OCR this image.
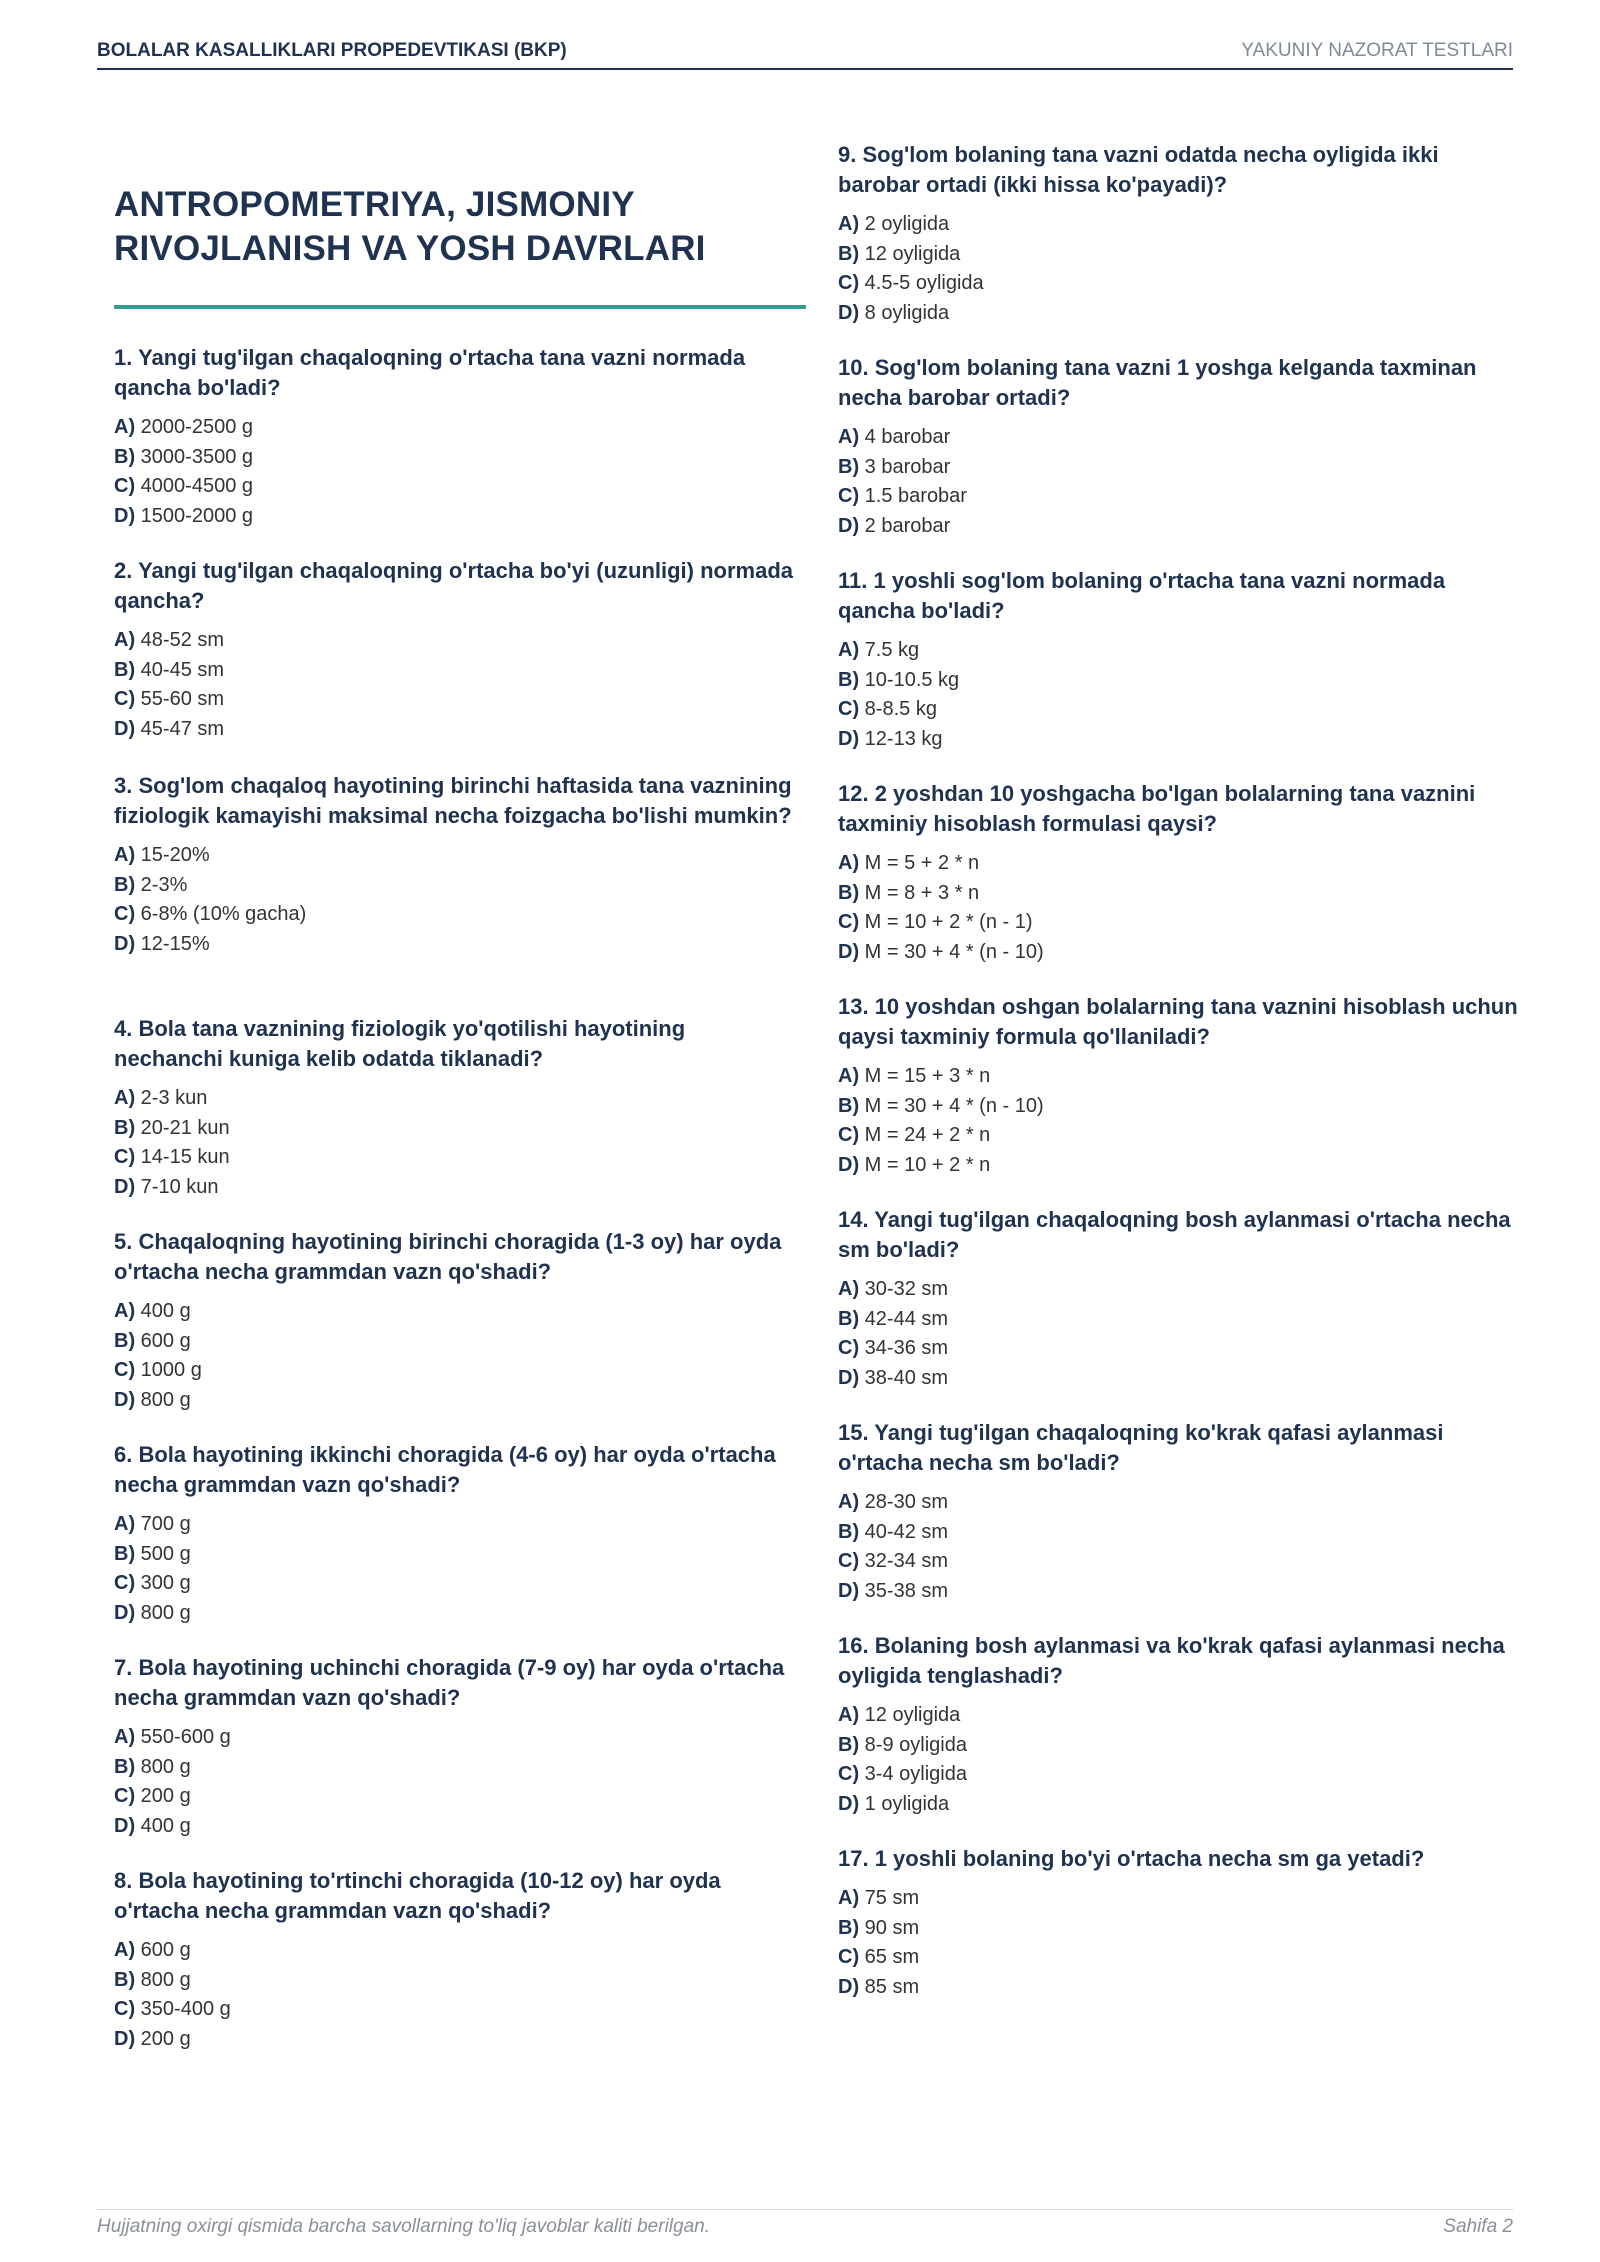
BOLALAR KASALLIKLARI PROPEDEVTIKASI (BKP)	YAKUNIY NAZORAT TESTLARI
ANTROPOMETRIYA, JISMONIY
RIVOJLANISH VA YOSH DAVRLARI
1. Yangi tug'ilgan chaqaloqning o'rtacha tana vazni normada qancha bo'ladi?
A) 2000-2500 g
B) 3000-3500 g
C) 4000-4500 g
D) 1500-2000 g
2. Yangi tug'ilgan chaqaloqning o'rtacha bo'yi (uzunligi) normada qancha?
A) 48-52 sm
B) 40-45 sm
C) 55-60 sm
D) 45-47 sm
3. Sog'lom chaqaloq hayotining birinchi haftasida tana vaznining fiziologik kamayishi maksimal necha foizgacha bo'lishi mumkin?
A) 15-20%
B) 2-3%
C) 6-8% (10% gacha)
D) 12-15%
4. Bola tana vaznining fiziologik yo'qotilishi hayotining nechanchi kuniga kelib odatda tiklanadi?
A) 2-3 kun
B) 20-21 kun
C) 14-15 kun
D) 7-10 kun
5. Chaqaloqning hayotining birinchi choragida (1-3 oy) har oyda o'rtacha necha grammdan vazn qo'shadi?
A) 400 g
B) 600 g
C) 1000 g
D) 800 g
6. Bola hayotining ikkinchi choragida (4-6 oy) har oyda o'rtacha necha grammdan vazn qo'shadi?
A) 700 g
B) 500 g
C) 300 g
D) 800 g
7. Bola hayotining uchinchi choragida (7-9 oy) har oyda o'rtacha necha grammdan vazn qo'shadi?
A) 550-600 g
B) 800 g
C) 200 g
D) 400 g
8. Bola hayotining to'rtinchi choragida (10-12 oy) har oyda o'rtacha necha grammdan vazn qo'shadi?
A) 600 g
B) 800 g
C) 350-400 g
D) 200 g
9. Sog'lom bolaning tana vazni odatda necha oyligida ikki barobar ortadi (ikki hissa ko'payadi)?
A) 2 oyligida
B) 12 oyligida
C) 4.5-5 oyligida
D) 8 oyligida
10. Sog'lom bolaning tana vazni 1 yoshga kelganda taxminan necha barobar ortadi?
A) 4 barobar
B) 3 barobar
C) 1.5 barobar
D) 2 barobar
11. 1 yoshli sog'lom bolaning o'rtacha tana vazni normada qancha bo'ladi?
A) 7.5 kg
B) 10-10.5 kg
C) 8-8.5 kg
D) 12-13 kg
12. 2 yoshdan 10 yoshgacha bo'lgan bolalarning tana vaznini taxminiy hisoblash formulasi qaysi?
A) M = 5 + 2 * n
B) M = 8 + 3 * n
C) M = 10 + 2 * (n - 1)
D) M = 30 + 4 * (n - 10)
13. 10 yoshdan oshgan bolalarning tana vaznini hisoblash uchun qaysi taxminiy formula qo'llaniladi?
A) M = 15 + 3 * n
B) M = 30 + 4 * (n - 10)
C) M = 24 + 2 * n
D) M = 10 + 2 * n
14. Yangi tug'ilgan chaqaloqning bosh aylanmasi o'rtacha necha sm bo'ladi?
A) 30-32 sm
B) 42-44 sm
C) 34-36 sm
D) 38-40 sm
15. Yangi tug'ilgan chaqaloqning ko'krak qafasi aylanmasi o'rtacha necha sm bo'ladi?
A) 28-30 sm
B) 40-42 sm
C) 32-34 sm
D) 35-38 sm
16. Bolaning bosh aylanmasi va ko'krak qafasi aylanmasi necha oyligida tenglashadi?
A) 12 oyligida
B) 8-9 oyligida
C) 3-4 oyligida
D) 1 oyligida
17. 1 yoshli bolaning bo'yi o'rtacha necha sm ga yetadi?
A) 75 sm
B) 90 sm
C) 65 sm
D) 85 sm
Hujjatning oxirgi qismida barcha savollarning to'liq javoblar kaliti berilgan.	Sahifa 2
